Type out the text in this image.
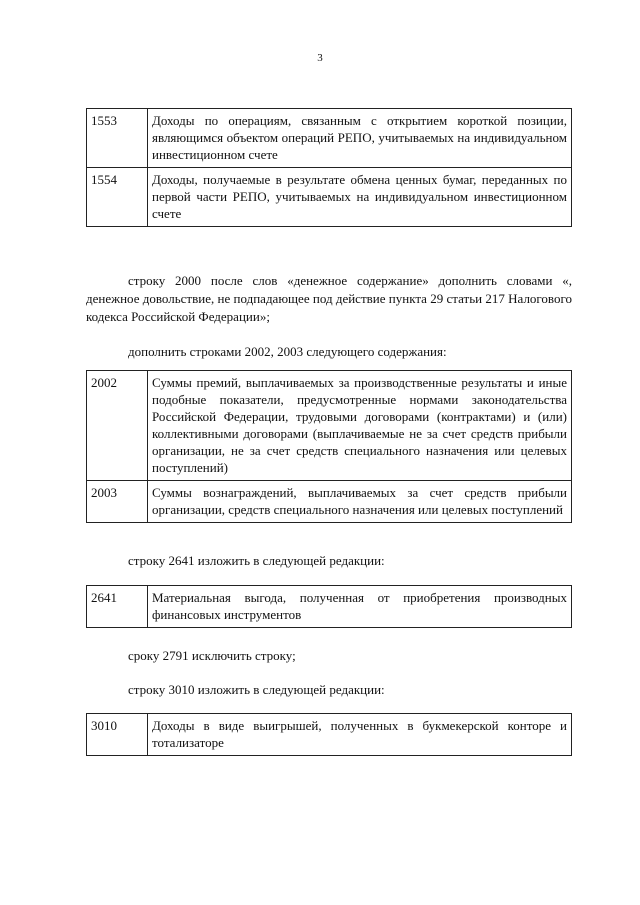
3
1553	Доходы по операциям, связанным с открытием короткой позиции, являющимся объектом операций РЕПО, учитываемых на индивидуальном инвестиционном счете
1554	Доходы, получаемые в результате обмена ценных бумаг, переданных по первой части РЕПО, учитываемых на индивидуальном инвестиционном счете

строку 2000 после слов «денежное содержание» дополнить словами «, денежное довольствие, не подпадающее под действие пункта 29 статьи 217 Налогового кодекса Российской Федерации»;

дополнить строками 2002, 2003 следующего содержания:

2002	Суммы премий, выплачиваемых за производственные результаты и иные подобные показатели, предусмотренные нормами законодательства Российской Федерации, трудовыми договорами (контрактами) и (или) коллективными договорами (выплачиваемые не за счет средств прибыли организации, не за счет средств специального назначения или целевых поступлений)
2003	Суммы вознаграждений, выплачиваемых за счет средств прибыли организации, средств специального назначения или целевых поступлений

строку 2641 изложить в следующей редакции:

2641	Материальная выгода, полученная от приобретения производных финансовых инструментов

сроку 2791 исключить строку;

строку 3010 изложить в следующей редакции:

3010	Доходы в виде выигрышей, полученных в букмекерской конторе и тотализаторе
